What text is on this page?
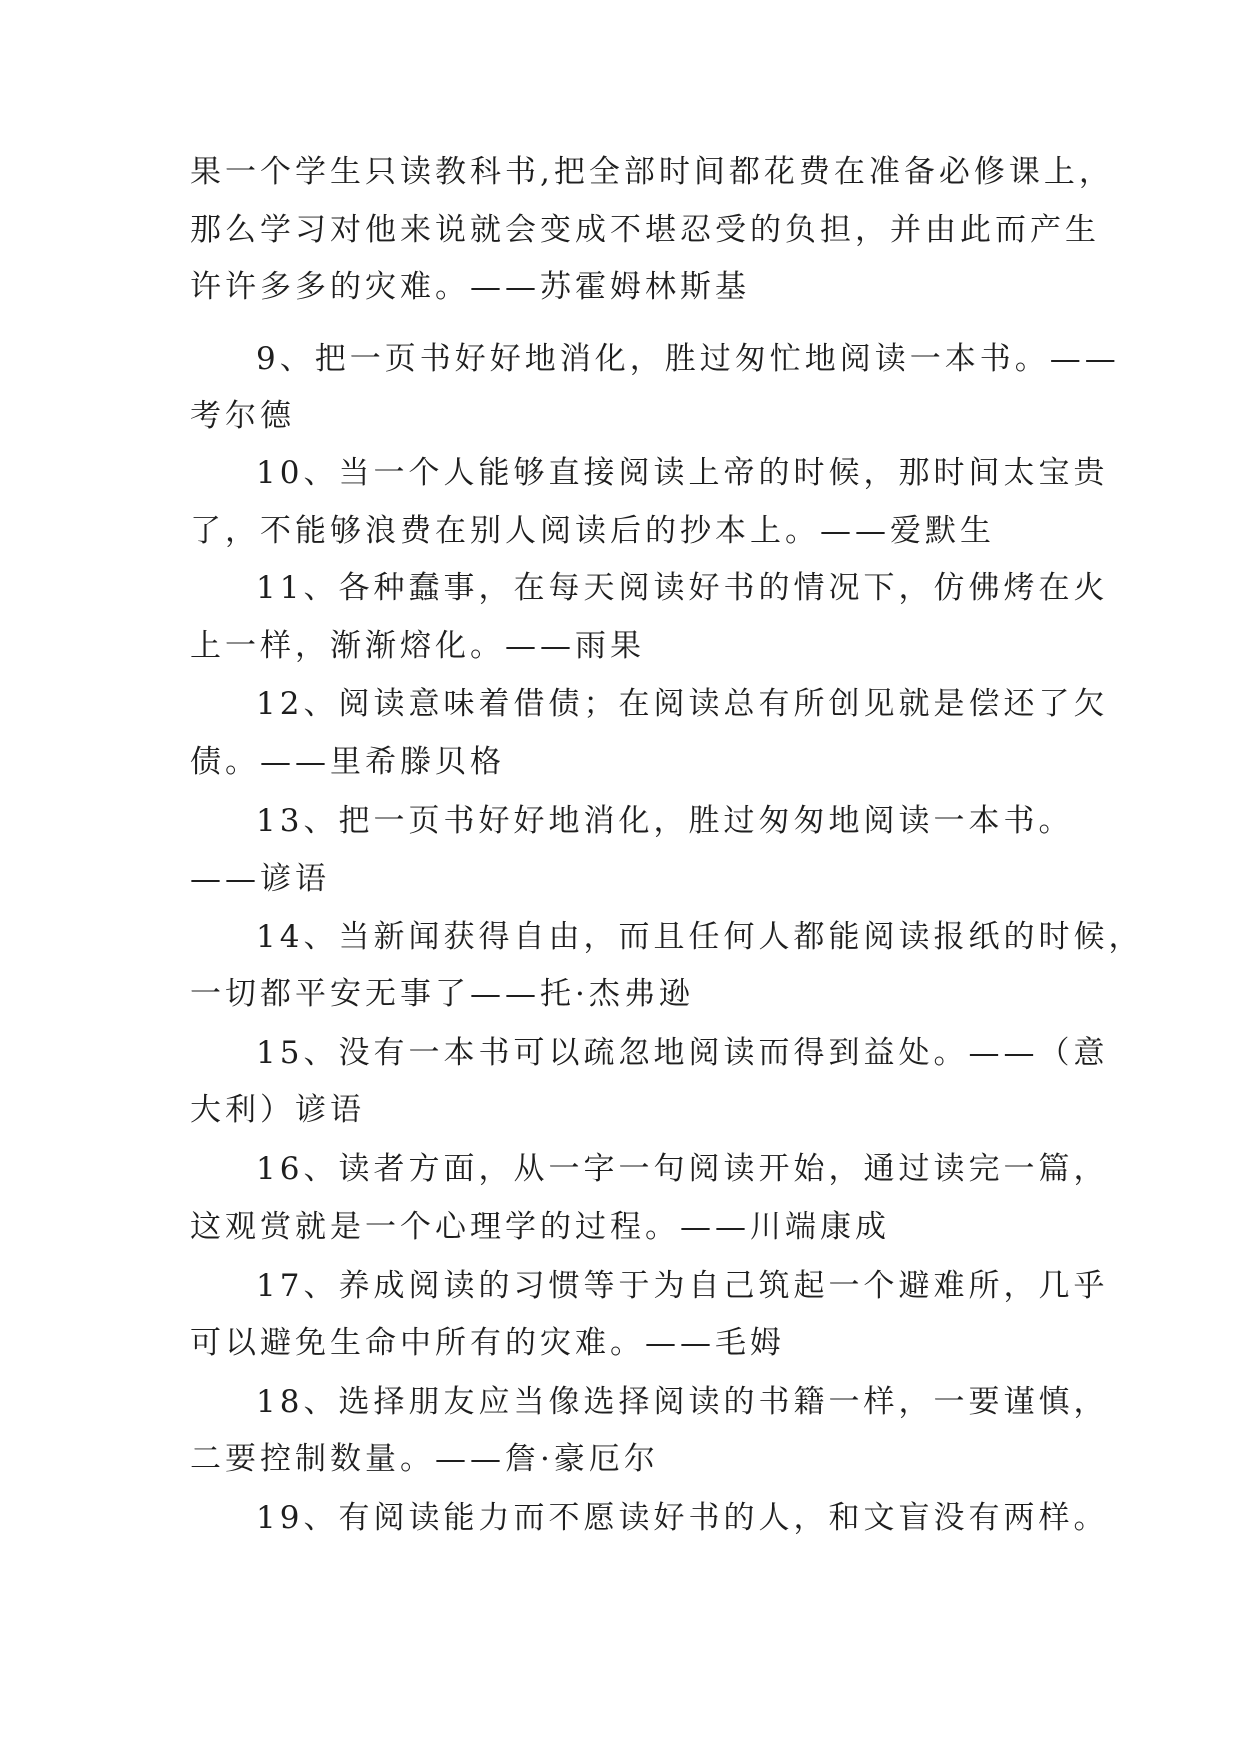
果一个学生只读教科书,把全部时间都花费在准备必修课上，
那么学习对他来说就会变成不堪忍受的负担，并由此而产生
许许多多的灾难。——苏霍姆林斯基
9、把一页书好好地消化，胜过匆忙地阅读一本书。——
考尔德
10、当一个人能够直接阅读上帝的时候，那时间太宝贵
了，不能够浪费在别人阅读后的抄本上。——爱默生
11、各种蠢事，在每天阅读好书的情况下，仿佛烤在火
上一样，渐渐熔化。——雨果
12、阅读意味着借债；在阅读总有所创见就是偿还了欠
债。——里希滕贝格
13、把一页书好好地消化，胜过匆匆地阅读一本书。
——谚语
14、当新闻获得自由，而且任何人都能阅读报纸的时候，
一切都平安无事了——托·杰弗逊
15、没有一本书可以疏忽地阅读而得到益处。——（意
大利）谚语
16、读者方面，从一字一句阅读开始，通过读完一篇，
这观赏就是一个心理学的过程。——川端康成
17、养成阅读的习惯等于为自己筑起一个避难所，几乎
可以避免生命中所有的灾难。——毛姆
18、选择朋友应当像选择阅读的书籍一样，一要谨慎，
二要控制数量。——詹·豪厄尔
19、有阅读能力而不愿读好书的人，和文盲没有两样。
